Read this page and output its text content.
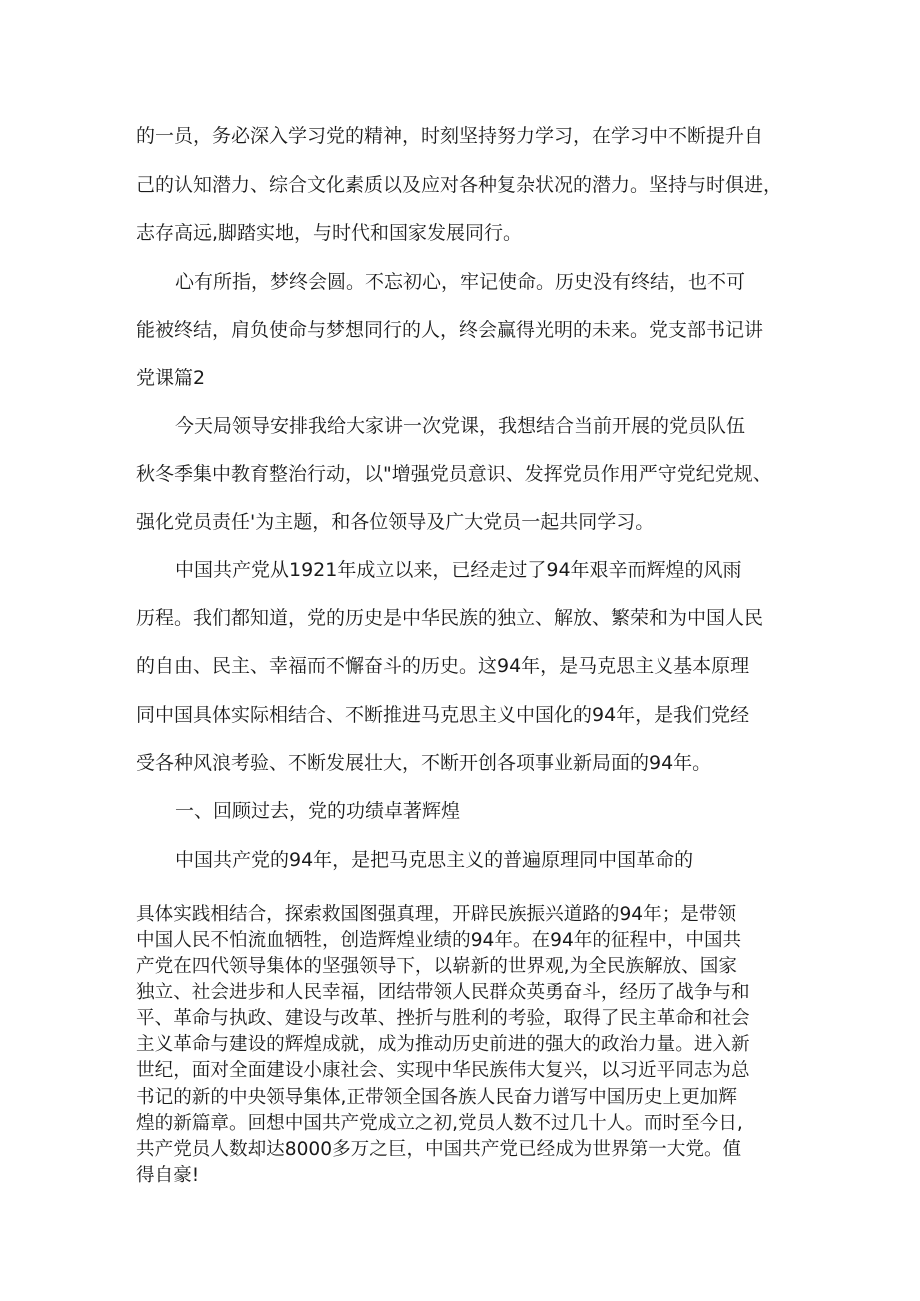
的一员，务必深入学习党的精神，时刻坚持努力学习，在学习中不断提升自
己的认知潜力、综合文化素质以及应对各种复杂状况的潜力。坚持与时俱进，
志存高远,脚踏实地，与时代和国家发展同行。
心有所指，梦终会圆。不忘初心，牢记使命。历史没有终结，也不可
能被终结，肩负使命与梦想同行的人，终会赢得光明的未来。党支部书记讲
党课篇2
今天局领导安排我给大家讲一次党课，我想结合当前开展的党员队伍
秋冬季集中教育整治行动，以"增强党员意识、发挥党员作用严守党纪党规、
强化党员责任'为主题，和各位领导及广大党员一起共同学习。
中国共产党从1921年成立以来，已经走过了94年艰辛而辉煌的风雨
历程。我们都知道，党的历史是中华民族的独立、解放、繁荣和为中国人民
的自由、民主、幸福而不懈奋斗的历史。这94年，是马克思主义基本原理
同中国具体实际相结合、不断推进马克思主义中国化的94年，是我们党经
受各种风浪考验、不断发展壮大，不断开创各项事业新局面的94年。
一、回顾过去，党的功绩卓著辉煌
中国共产党的94年，是把马克思主义的普遍原理同中国革命的
具体实践相结合，探索救国图强真理，开辟民族振兴道路的94年；是带领
中国人民不怕流血牺牲，创造辉煌业绩的94年。在94年的征程中，中国共
产党在四代领导集体的坚强领导下，以崭新的世界观,为全民族解放、国家
独立、社会进步和人民幸福，团结带领人民群众英勇奋斗，经历了战争与和
平、革命与执政、建设与改革、挫折与胜利的考验，取得了民主革命和社会
主义革命与建设的辉煌成就，成为推动历史前进的强大的政治力量。进入新
世纪，面对全面建设小康社会、实现中华民族伟大复兴，以习近平同志为总
书记的新的中央领导集体,正带领全国各族人民奋力谱写中国历史上更加辉
煌的新篇章。回想中国共产党成立之初,党员人数不过几十人。而时至今日,
共产党员人数却达8000多万之巨，中国共产党已经成为世界第一大党。值
得自豪!
